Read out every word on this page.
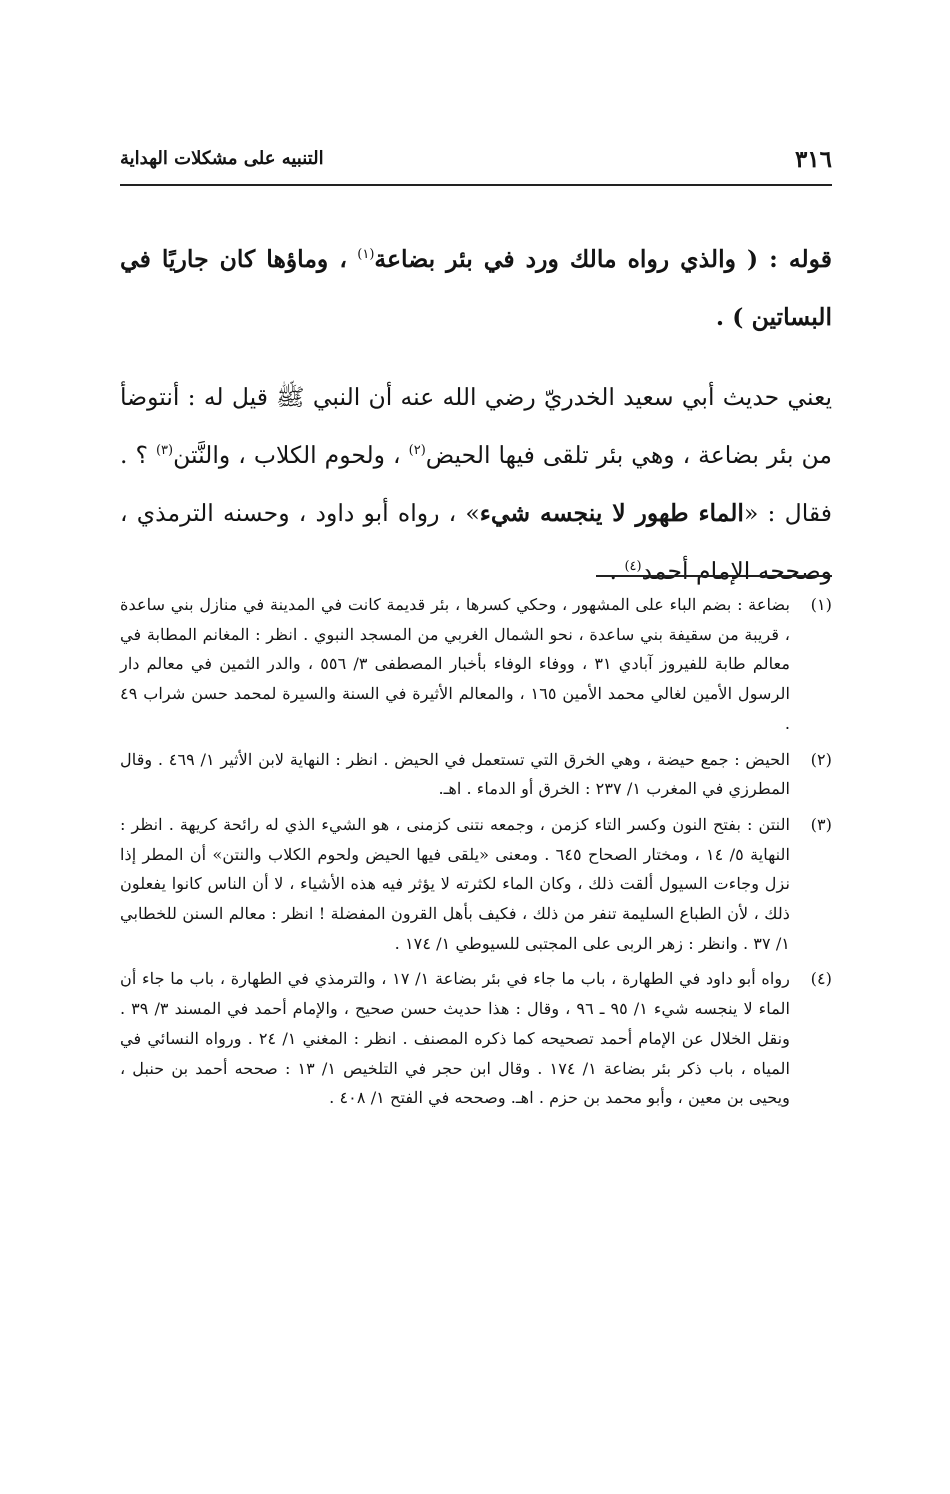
٣١٦
التنبيه على مشكلات الهداية

قوله : ( والذي رواه مالك ورد في بئر بضاعة$^{(١)}$ ، وماؤها كان جاريًا في البساتين ) .

يعني حديث أبي سعيد الخدريّ رضي الله عنه أن النبي ﷺ قيل له : أنتوضأ من بئر بضاعة ، وهي بئر تلقى فيها الحيض$^{(٢)}$ ، ولحوم الكلاب ، والنَّتن$^{(٣)}$ ؟ . فقال : «الماء طهور لا ينجسه شيء» ، رواه أبو داود ، وحسنه الترمذي ، وصححه الإمام أحمد$^{(٤)}$ .

(١)
بضاعة : بضم الباء على المشهور ، وحكي كسرها ، بئر قديمة كانت في المدينة في منازل بني ساعدة ، قريبة من سقيفة بني ساعدة ، نحو الشمال الغربي من المسجد النبوي . انظر : المغانم المطابة في معالم طابة للفيروز آبادي ٣١ ، ووفاء الوفاء بأخبار المصطفى ٣/ ٥٥٦ ، والدر الثمين في معالم دار الرسول الأمين لغالي محمد الأمين ١٦٥ ، والمعالم الأثيرة في السنة والسيرة لمحمد حسن شراب ٤٩ .
(٢)
الحيض : جمع حيضة ، وهي الخرق التي تستعمل في الحيض . انظر : النهاية لابن الأثير ١/ ٤٦٩ . وقال المطرزي في المغرب ١/ ٢٣٧ : الخرق أو الدماء . اهـ.
(٣)
النتن : بفتح النون وكسر التاء كزمن ، وجمعه نتنى كزمنى ، هو الشيء الذي له رائحة كريهة . انظر : النهاية ٥/ ١٤ ، ومختار الصحاح ٦٤٥ . ومعنى «يلقى فيها الحيض ولحوم الكلاب والنتن» أن المطر إذا نزل وجاءت السيول ألقت ذلك ، وكان الماء لكثرته لا يؤثر فيه هذه الأشياء ، لا أن الناس كانوا يفعلون ذلك ، لأن الطباع السليمة تنفر من ذلك ، فكيف بأهل القرون المفضلة ! انظر : معالم السنن للخطابي ١/ ٣٧ . وانظر : زهر الربى على المجتبى للسيوطي ١/ ١٧٤ .
(٤)
رواه أبو داود في الطهارة ، باب ما جاء في بئر بضاعة ١/ ١٧ ، والترمذي في الطهارة ، باب ما جاء أن الماء لا ينجسه شيء ١/ ٩٥ ـ ٩٦ ، وقال : هذا حديث حسن صحيح ، والإمام أحمد في المسند ٣/ ٣٩ . ونقل الخلال عن الإمام أحمد تصحيحه كما ذكره المصنف . انظر : المغني ١/ ٢٤ . ورواه النسائي في المياه ، باب ذكر بئر بضاعة ١/ ١٧٤ . وقال ابن حجر في التلخيص ١/ ١٣ : صححه أحمد بن حنبل ، ويحيى بن معين ، وأبو محمد بن حزم . اهـ. وصححه في الفتح ١/ ٤٠٨ .
